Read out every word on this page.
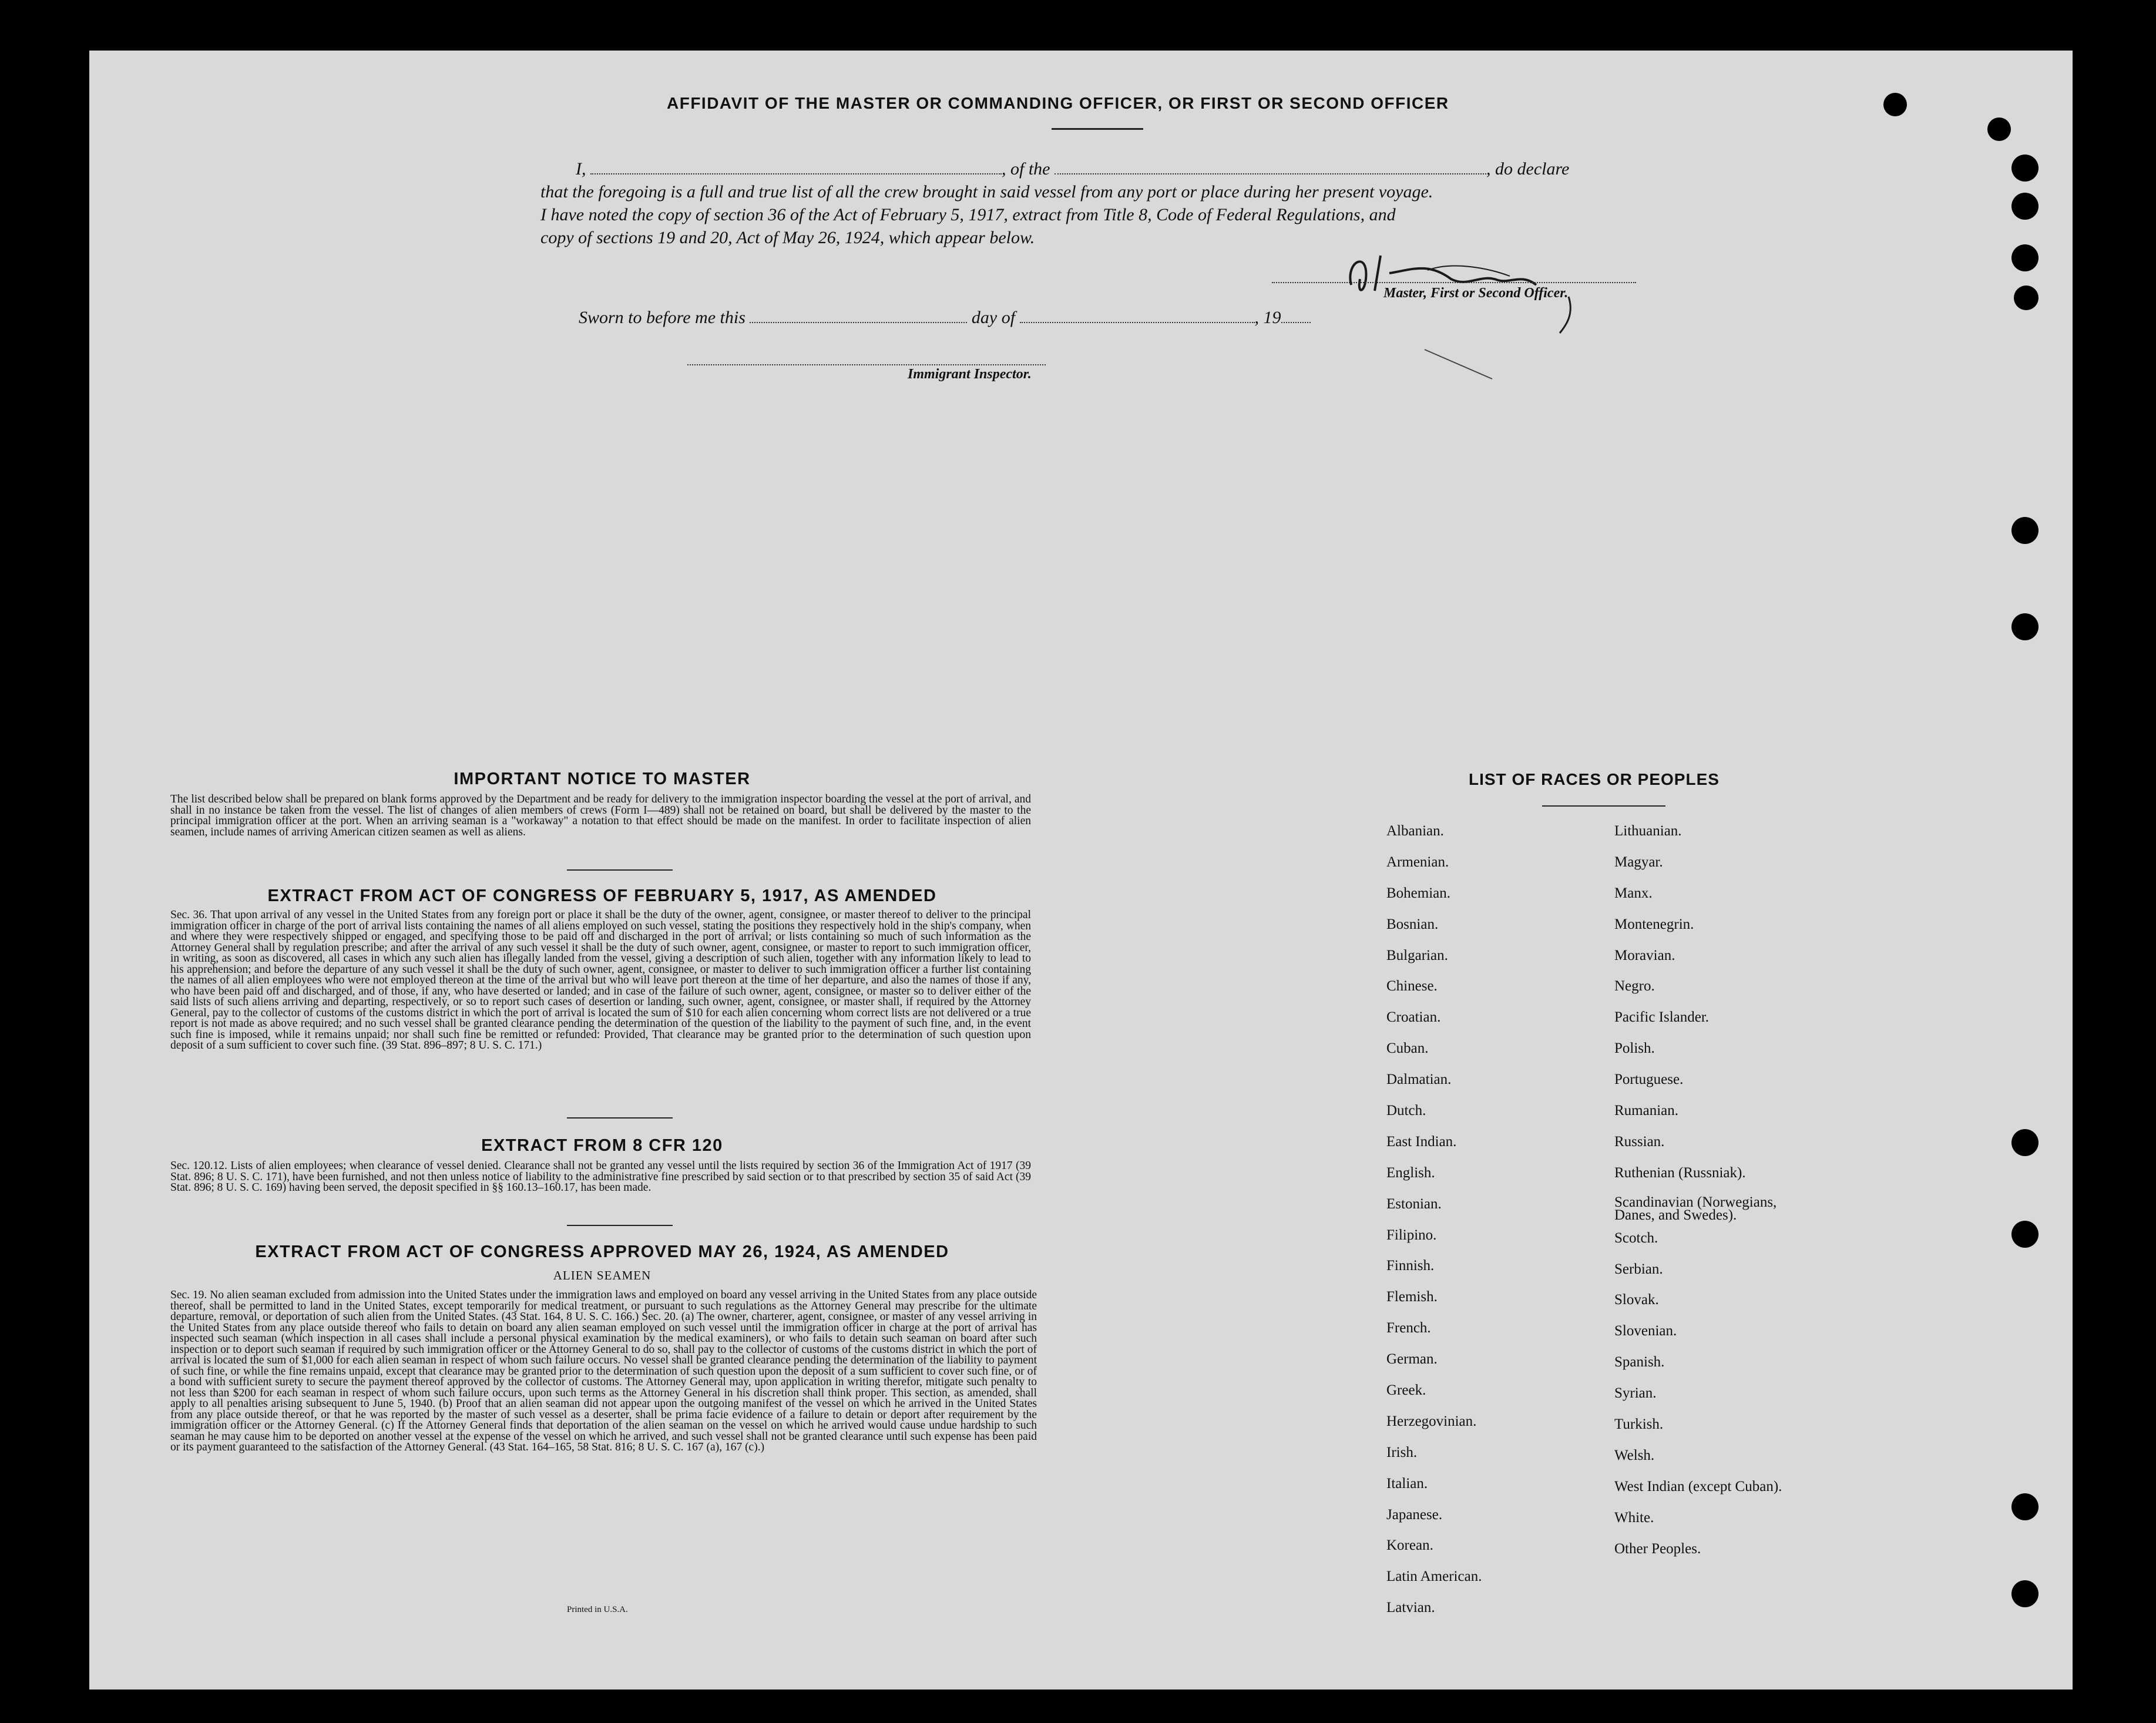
AFFIDAVIT OF THE MASTER OR COMMANDING OFFICER, OR FIRST OR SECOND OFFICER
I,	, of the	, do declare
that the foregoing is a full and true list of all the crew brought in said vessel from any port or place during her present voyage.
I have noted the copy of section 36 of the Act of February 5, 1917, extract from Title 8, Code of Federal Regulations, and
copy of sections 19 and 20, Act of May 26, 1924, which appear below.
Master, First or Second Officer.
Sworn to before me this	day of	, 19
Immigrant Inspector.
IMPORTANT NOTICE TO MASTER
The list described below shall be prepared on blank forms approved by the Department and be ready for delivery to the immigration inspector boarding the vessel at the port of arrival, and shall in no instance be taken from the vessel. The list of changes of alien members of crews (Form I—489) shall not be retained on board, but shall be delivered by the master to the principal immigration officer at the port. When an arriving seaman is a "workaway" a notation to that effect should be made on the manifest. In order to facilitate inspection of alien seamen, include names of arriving American citizen seamen as well as aliens.
EXTRACT FROM ACT OF CONGRESS OF FEBRUARY 5, 1917, AS AMENDED
Sec. 36. That upon arrival of any vessel in the United States from any foreign port or place it shall be the duty of the owner, agent, consignee, or master thereof to deliver to the principal immigration officer in charge of the port of arrival lists containing the names of all aliens employed on such vessel, stating the positions they respectively hold in the ship's company, when and where they were respectively shipped or engaged, and specifying those to be paid off and discharged in the port of arrival; or lists containing so much of such information as the Attorney General shall by regulation prescribe; and after the arrival of any such vessel it shall be the duty of such owner, agent, consignee, or master to report to such immigration officer, in writing, as soon as discovered, all cases in which any such alien has illegally landed from the vessel, giving a description of such alien, together with any information likely to lead to his apprehension; and before the departure of any such vessel it shall be the duty of such owner, agent, consignee, or master to deliver to such immigration officer a further list containing the names of all alien employees who were not employed thereon at the time of the arrival but who will leave port thereon at the time of her departure, and also the names of those if any, who have been paid off and discharged, and of those, if any, who have deserted or landed; and in case of the failure of such owner, agent, consignee, or master so to deliver either of the said lists of such aliens arriving and departing, respectively, or so to report such cases of desertion or landing, such owner, agent, consignee, or master shall, if required by the Attorney General, pay to the collector of customs of the customs district in which the port of arrival is located the sum of $10 for each alien concerning whom correct lists are not delivered or a true report is not made as above required; and no such vessel shall be granted clearance pending the determination of the question of the liability to the payment of such fine, and, in the event such fine is imposed, while it remains unpaid; nor shall such fine be remitted or refunded: Provided, That clearance may be granted prior to the determination of such question upon deposit of a sum sufficient to cover such fine. (39 Stat. 896–897; 8 U. S. C. 171.)
EXTRACT FROM 8 CFR 120
Sec. 120.12. Lists of alien employees; when clearance of vessel denied. Clearance shall not be granted any vessel until the lists required by section 36 of the Immigration Act of 1917 (39 Stat. 896; 8 U. S. C. 171), have been furnished, and not then unless notice of liability to the administrative fine prescribed by said section or to that prescribed by section 35 of said Act (39 Stat. 896; 8 U. S. C. 169) having been served, the deposit specified in §§ 160.13–160.17, has been made.
EXTRACT FROM ACT OF CONGRESS APPROVED MAY 26, 1924, AS AMENDED
ALIEN SEAMEN
Sec. 19. No alien seaman excluded from admission into the United States under the immigration laws and employed on board any vessel arriving in the United States from any place outside thereof, shall be permitted to land in the United States, except temporarily for medical treatment, or pursuant to such regulations as the Attorney General may prescribe for the ultimate departure, removal, or deportation of such alien from the United States. (43 Stat. 164, 8 U. S. C. 166.) Sec. 20. (a) The owner, charterer, agent, consignee, or master of any vessel arriving in the United States from any place outside thereof who fails to detain on board any alien seaman employed on such vessel until the immigration officer in charge at the port of arrival has inspected such seaman (which inspection in all cases shall include a personal physical examination by the medical examiners), or who fails to detain such seaman on board after such inspection or to deport such seaman if required by such immigration officer or the Attorney General to do so, shall pay to the collector of customs of the customs district in which the port of arrival is located the sum of $1,000 for each alien seaman in respect of whom such failure occurs. No vessel shall be granted clearance pending the determination of the liability to payment of such fine, or while the fine remains unpaid, except that clearance may be granted prior to the determination of such question upon the deposit of a sum sufficient to cover such fine, or of a bond with sufficient surety to secure the payment thereof approved by the collector of customs. The Attorney General may, upon application in writing therefor, mitigate such penalty to not less than $200 for each seaman in respect of whom such failure occurs, upon such terms as the Attorney General in his discretion shall think proper. This section, as amended, shall apply to all penalties arising subsequent to June 5, 1940. (b) Proof that an alien seaman did not appear upon the outgoing manifest of the vessel on which he arrived in the United States from any place outside thereof, or that he was reported by the master of such vessel as a deserter, shall be prima facie evidence of a failure to detain or deport after requirement by the immigration officer or the Attorney General. (c) If the Attorney General finds that deportation of the alien seaman on the vessel on which he arrived would cause undue hardship to such seaman he may cause him to be deported on another vessel at the expense of the vessel on which he arrived, and such vessel shall not be granted clearance until such expense has been paid or its payment guaranteed to the satisfaction of the Attorney General. (43 Stat. 164–165, 58 Stat. 816; 8 U. S. C. 167 (a), 167 (c).)
Printed in U.S.A.
LIST OF RACES OR PEOPLES
Albanian.
Armenian.
Bohemian.
Bosnian.
Bulgarian.
Chinese.
Croatian.
Cuban.
Dalmatian.
Dutch.
East Indian.
English.
Estonian.
Filipino.
Finnish.
Flemish.
French.
German.
Greek.
Herzegovinian.
Irish.
Italian.
Japanese.
Korean.
Latin American.
Latvian.
Lithuanian.
Magyar.
Manx.
Montenegrin.
Moravian.
Negro.
Pacific Islander.
Polish.
Portuguese.
Rumanian.
Russian.
Ruthenian (Russniak).
Scandinavian (Norwegians, Danes, and Swedes).
Scotch.
Serbian.
Slovak.
Slovenian.
Spanish.
Syrian.
Turkish.
Welsh.
West Indian (except Cuban).
White.
Other Peoples.
